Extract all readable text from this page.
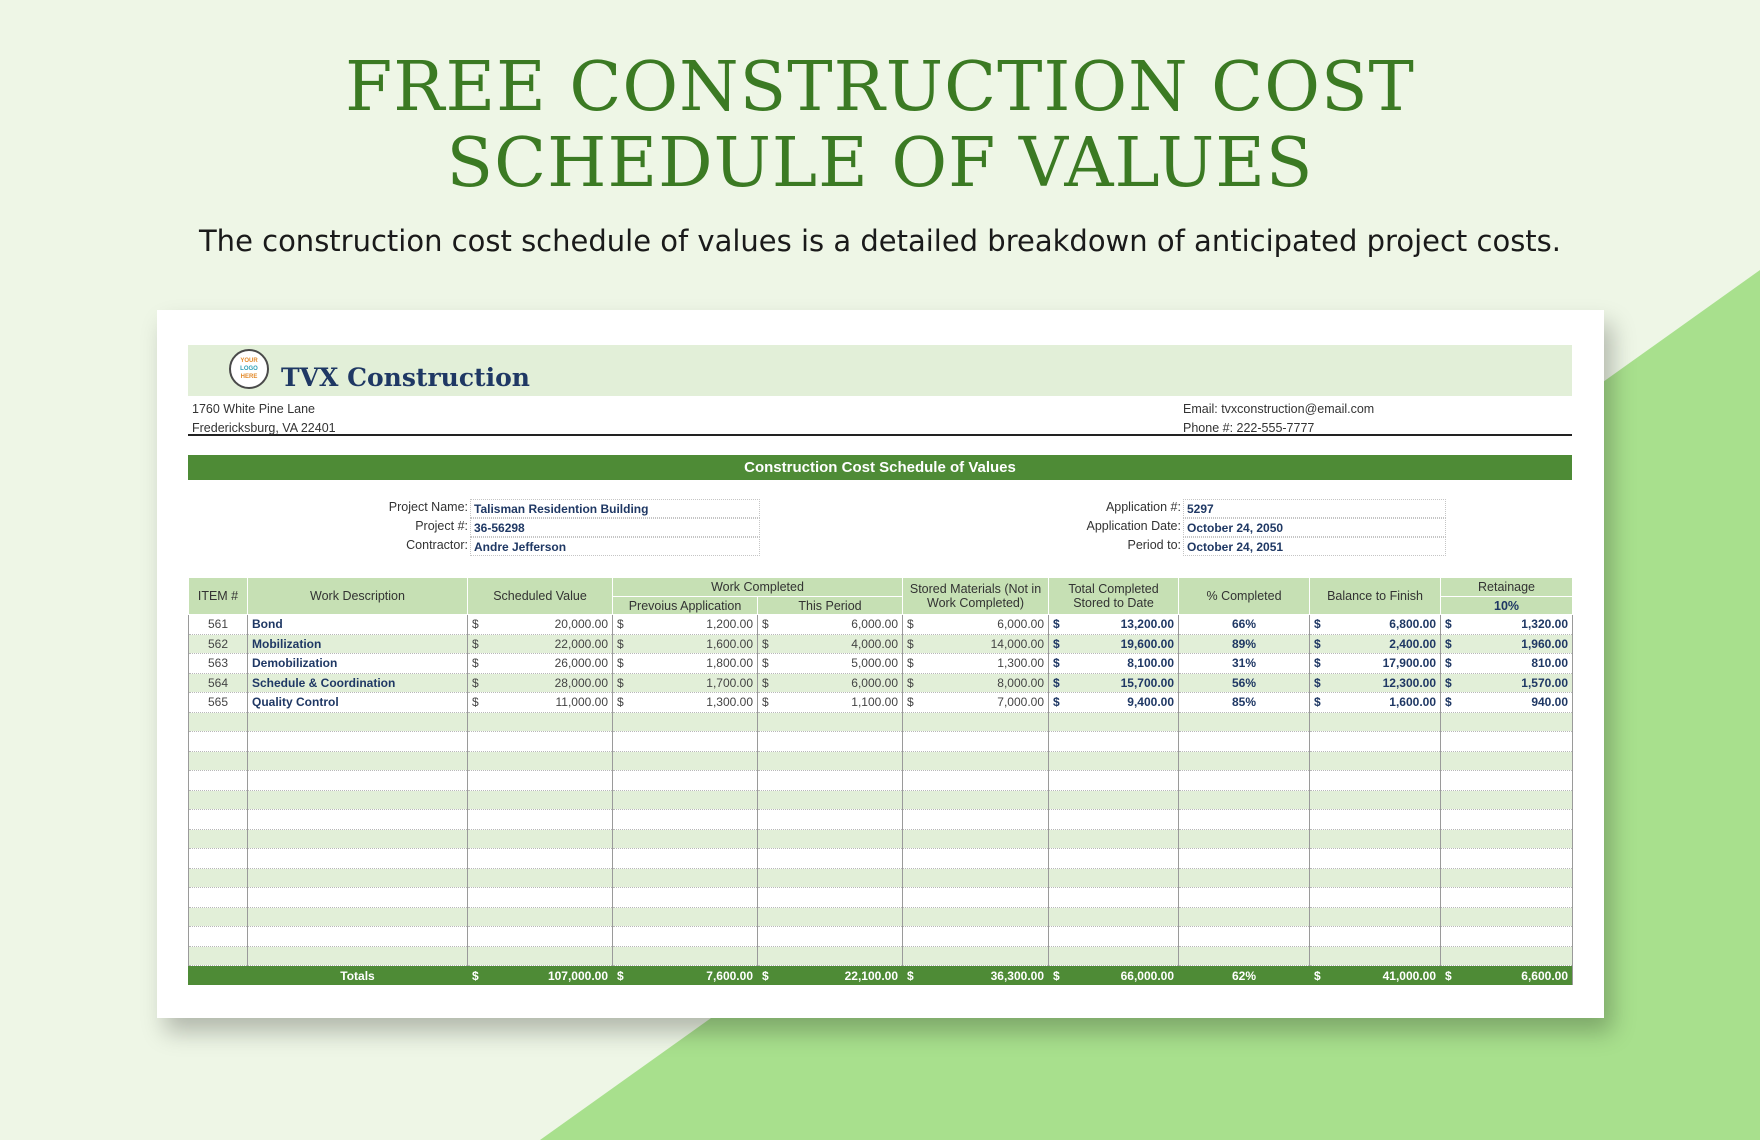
FREE CONSTRUCTION COST
SCHEDULE OF VALUES
The construction cost schedule of values is a detailed breakdown of anticipated project costs.
YOUR
LOGO
HERE TVX Construction
1760 White Pine Lane
Fredericksburg, VA 22401
Email: tvxconstruction@email.com
Phone #: 222-555-7777
Construction Cost Schedule of Values
Project Name: Talisman Residention Building
Project #: 36-56298
Contractor: Andre Jefferson
Application #: 5297
Application Date: October 24, 2050
Period to: October 24, 2051
ITEM #	Work Description	Scheduled Value	Work Completed		Stored Materials (Not in Work Completed)	Total Completed Stored to Date	% Completed	Balance to Finish	Retainage
			Prevoius Application	This Period					10%
561	Bond	$ 20,000.00	$ 1,200.00	$ 6,000.00	$ 6,000.00	$ 13,200.00	66%	$ 6,800.00	$ 1,320.00

562	Mobilization	$ 22,000.00	$ 1,600.00	$ 4,000.00	$ 14,000.00	$ 19,600.00	89%	$ 2,400.00	$ 1,960.00

563	Demobilization	$ 26,000.00	$ 1,800.00	$ 5,000.00	$ 1,300.00	$ 8,100.00	31%	$ 17,900.00	$ 810.00

564	Schedule & Coordination	$ 28,000.00	$ 1,700.00	$ 6,000.00	$ 8,000.00	$ 15,700.00	56%	$ 12,300.00	$ 1,570.00

565	Quality Control	$ 11,000.00	$ 1,300.00	$ 1,100.00	$ 7,000.00	$ 9,400.00	85%	$ 1,600.00	$ 940.00

	Totals	$ 107,000.00	$ 7,600.00	$ 22,100.00	$ 36,300.00	$ 66,000.00	62%	$ 41,000.00	$ 6,600.00
